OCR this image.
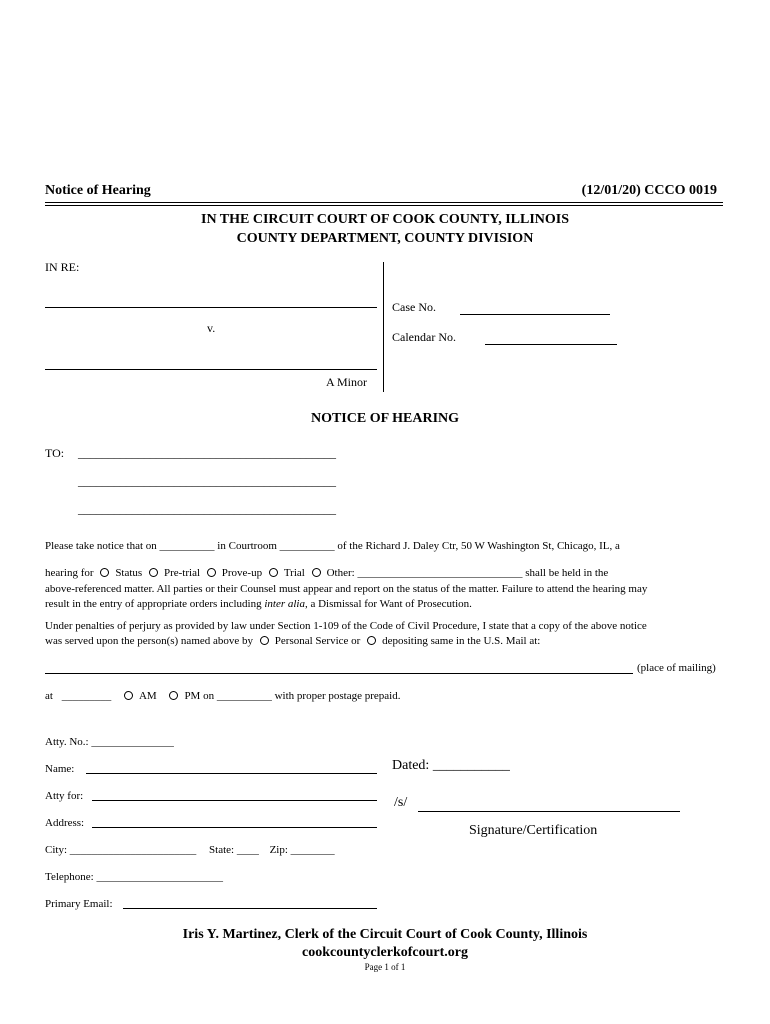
Notice of Hearing	(12/01/20) CCCO 0019
IN THE CIRCUIT COURT OF COOK COUNTY, ILLINOIS
COUNTY DEPARTMENT, COUNTY DIVISION
IN RE:
v.
A Minor
Case No.
Calendar No.
NOTICE OF HEARING
TO: ___________________________________________
___________________________________________
___________________________________________
Please take notice that on __________ in Courtroom __________ of the Richard J. Daley Ctr, 50 W Washington St, Chicago, IL, a
hearing for Status Pre-trial Prove-up Trial Other: ______________________________ shall be held in the
above-referenced matter. All parties or their Counsel must appear and report on the status of the matter. Failure to attend the hearing may
result in the entry of appropriate orders including inter alia, a Dismissal for Want of Prosecution.
Under penalties of perjury as provided by law under Section 1-109 of the Code of Civil Procedure, I state that a copy of the above notice
was served upon the person(s) named above by Personal Service or depositing same in the U.S. Mail at:
(place of mailing)
at _________	AM	PM on __________ with proper postage prepaid.
Atty. No.: _______________
Name:
Atty for:
Address:
City: _______________________ State: ____ Zip: ________
Telephone: _______________________
Primary Email:
Dated: ___________
/s/
Signature/Certification
Iris Y. Martinez, Clerk of the Circuit Court of Cook County, Illinois
cookcountyclerkofcourt.org
Page 1 of 1
